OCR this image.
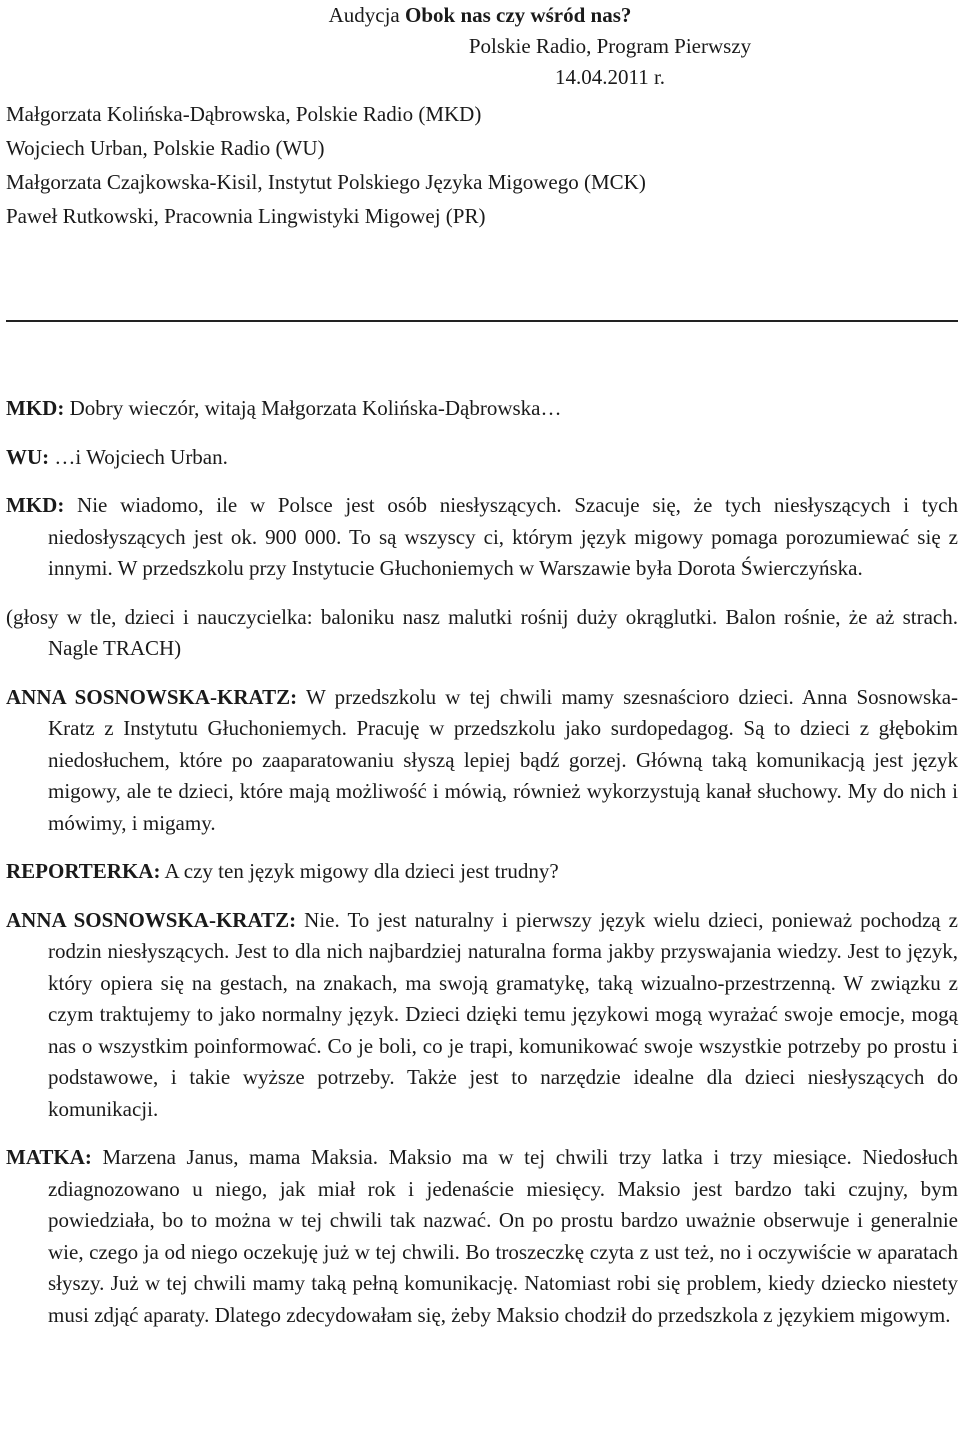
Audycja Obok nas czy wśród nas?
Polskie Radio, Program Pierwszy
14.04.2011 r.
Małgorzata Kolińska-Dąbrowska, Polskie Radio (MKD)
Wojciech Urban, Polskie Radio (WU)
Małgorzata Czajkowska-Kisil, Instytut Polskiego Języka Migowego (MCK)
Paweł Rutkowski, Pracownia Lingwistyki Migowej (PR)

MKD: Dobry wieczór, witają Małgorzata Kolińska-Dąbrowska…

WU: …i Wojciech Urban.

MKD: Nie wiadomo, ile w Polsce jest osób niesłyszących. Szacuje się, że tych niesłyszących i tych niedosłyszących jest ok. 900 000. To są wszyscy ci, którym język migowy pomaga porozumiewać się z innymi. W przedszkolu przy Instytucie Głuchoniemych w Warszawie była Dorota Świerczyńska.

(głosy w tle, dzieci i nauczycielka: baloniku nasz malutki rośnij duży okrąglutki. Balon rośnie, że aż strach. Nagle TRACH)

ANNA SOSNOWSKA-KRATZ: W przedszkolu w tej chwili mamy szesnaścioro dzieci. Anna Sosnowska-Kratz z Instytutu Głuchoniemych. Pracuję w przedszkolu jako surdopedagog. Są to dzieci z głębokim niedosłuchem, które po zaaparatowaniu słyszą lepiej bądź gorzej. Główną taką komunikacją jest język migowy, ale te dzieci, które mają możliwość i mówią, również wykorzystują kanał słuchowy. My do nich i mówimy, i migamy.

REPORTERKA: A czy ten język migowy dla dzieci jest trudny?

ANNA SOSNOWSKA-KRATZ: Nie. To jest naturalny i pierwszy język wielu dzieci, ponieważ pochodzą z rodzin niesłyszących. Jest to dla nich najbardziej naturalna forma jakby przyswajania wiedzy. Jest to język, który opiera się na gestach, na znakach, ma swoją gramatykę, taką wizualno-przestrzenną. W związku z czym traktujemy to jako normalny język. Dzieci dzięki temu językowi mogą wyrażać swoje emocje, mogą nas o wszystkim poinformować. Co je boli, co je trapi, komunikować swoje wszystkie potrzeby po prostu i podstawowe, i takie wyższe potrzeby. Także jest to narzędzie idealne dla dzieci niesłyszących do komunikacji.

MATKA: Marzena Janus, mama Maksia. Maksio ma w tej chwili trzy latka i trzy miesiące. Niedosłuch zdiagnozowano u niego, jak miał rok i jedenaście miesięcy. Maksio jest bardzo taki czujny, bym powiedziała, bo to można w tej chwili tak nazwać. On po prostu bardzo uważnie obserwuje i generalnie wie, czego ja od niego oczekuję już w tej chwili. Bo troszeczkę czyta z ust też, no i oczywiście w aparatach słyszy. Już w tej chwili mamy taką pełną komunikację. Natomiast robi się problem, kiedy dziecko niestety musi zdjąć aparaty. Dlatego zdecydowałam się, żeby Maksio chodził do przedszkola z językiem migowym.
